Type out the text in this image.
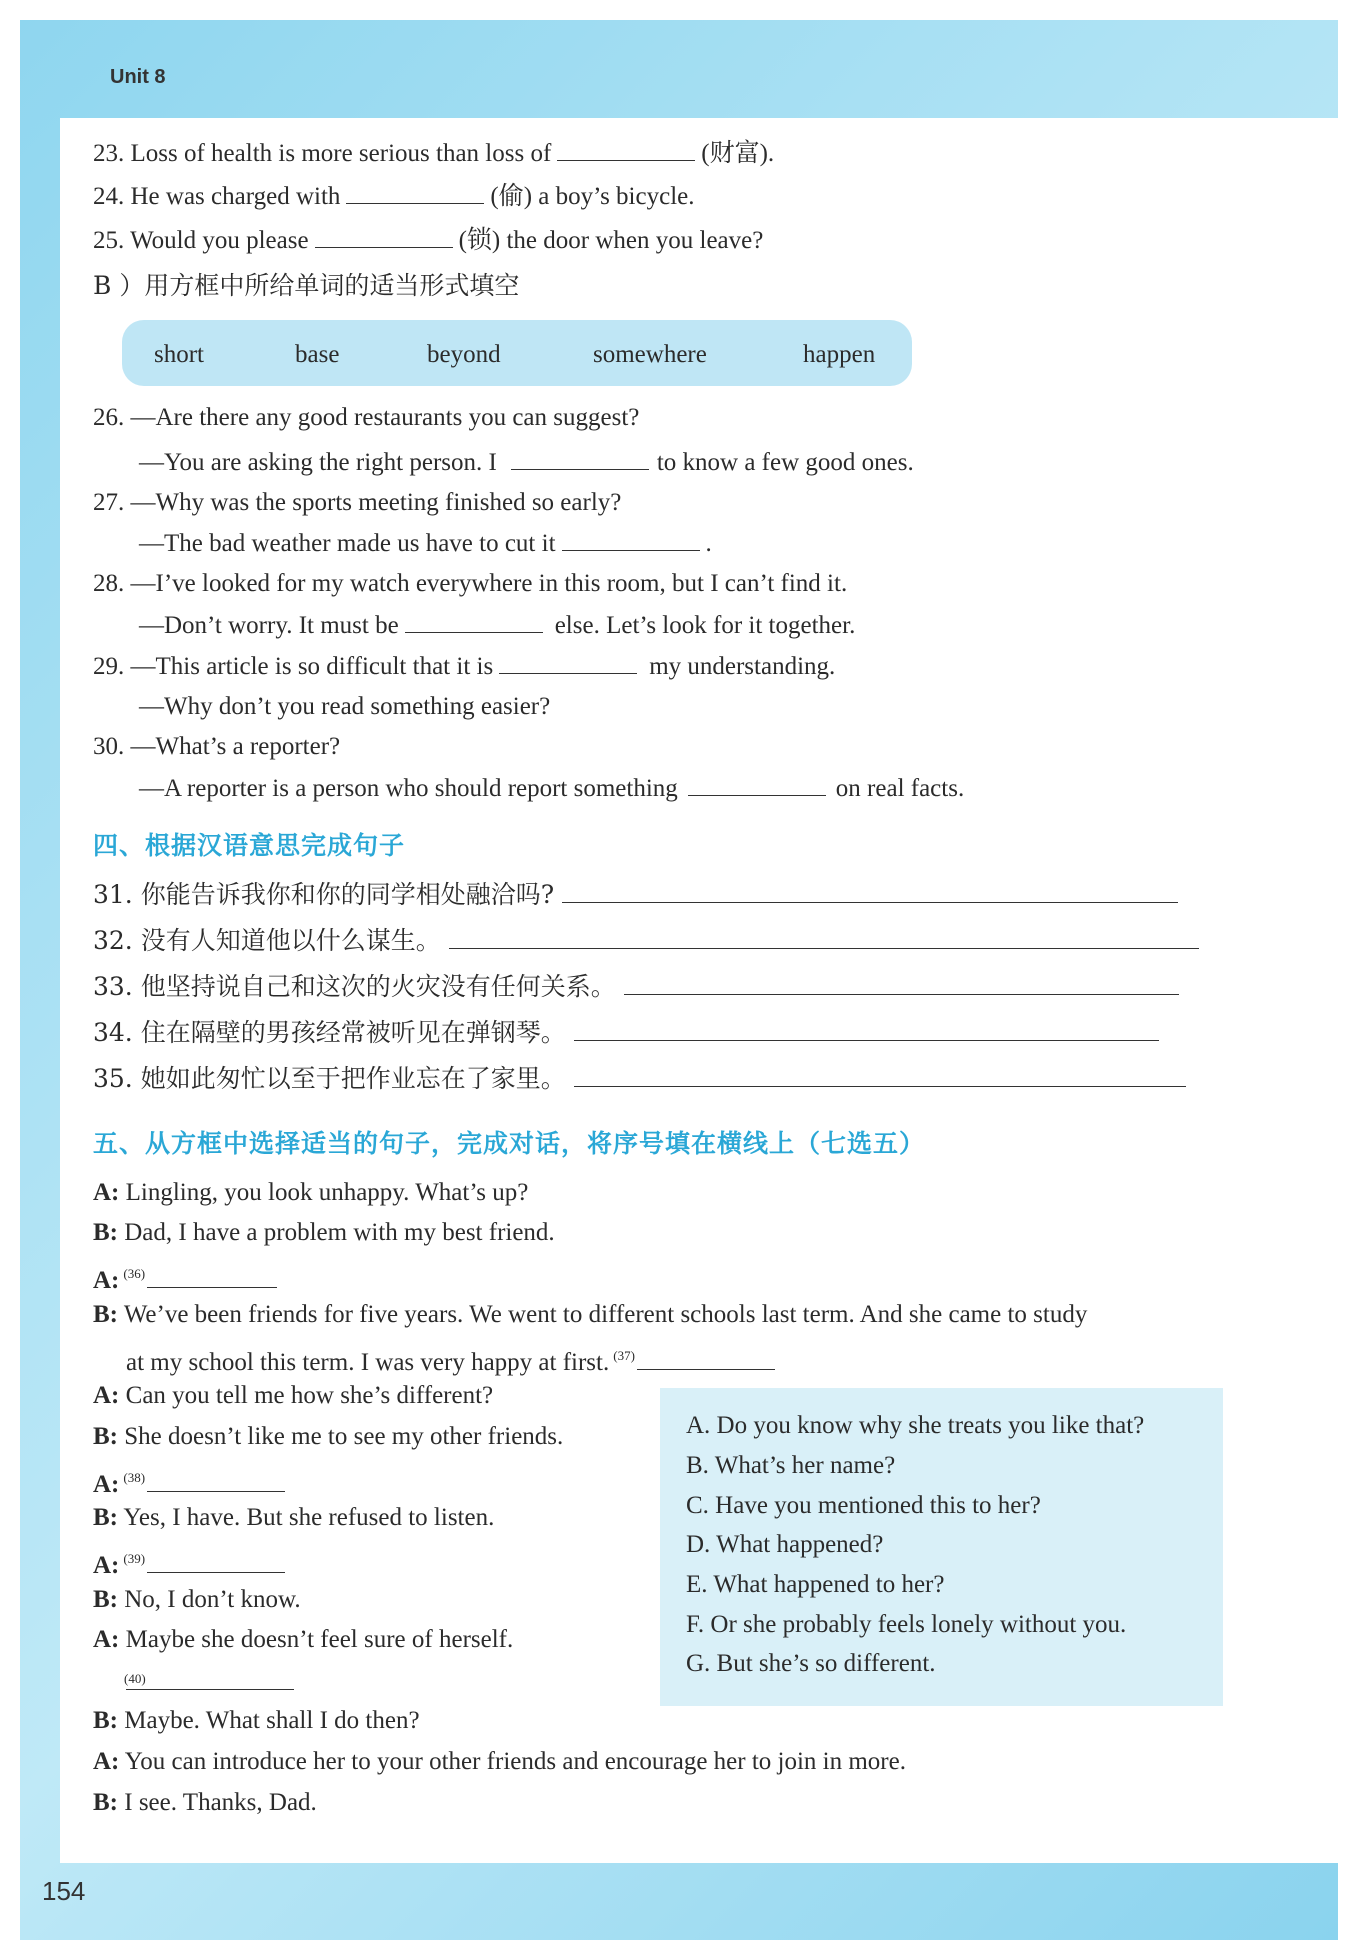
Unit 8
154
23. Loss of health is more serious than loss of	(财富).
24. He was charged with	(偷) a boy’s bicycle.
25. Would you please	(锁) the door when you leave?
B ）用方框中所给单词的适当形式填空
short	base	beyond	somewhere	happen
26. —Are there any good restaurants you can suggest?
—You are asking the right person. I	to know a few good ones.
27. —Why was the sports meeting finished so early?
—The bad weather made us have to cut it	.
28. —I’ve looked for my watch everywhere in this room, but I can’t find it.
—Don’t worry. It must be	else. Let’s look for it together.
29. —This article is so difficult that it is	my understanding.
—Why don’t you read something easier?
30. —What’s a reporter?
—A reporter is a person who should report something	on real facts.
四、根据汉语意思完成句子
31. 你能告诉我你和你的同学相处融洽吗?
32. 没有人知道他以什么谋生。
33. 他坚持说自己和这次的火灾没有任何关系。
34. 住在隔壁的男孩经常被听见在弹钢琴。
35. 她如此匆忙以至于把作业忘在了家里。
五、从方框中选择适当的句子，完成对话，将序号填在横线上（七选五）
A: Lingling, you look unhappy. What’s up?
B: Dad, I have a problem with my best friend.
A: $^{(36)}$
B: We’ve been friends for five years. We went to different schools last term. And she came to study
at my school this term. I was very happy at first. $^{(37)}$
A: Can you tell me how she’s different?
B: She doesn’t like me to see my other friends.
A: $^{(38)}$
B: Yes, I have. But she refused to listen.
A: $^{(39)}$
B: No, I don’t know.
A: Maybe she doesn’t feel sure of herself.
$^{(40)}$
B: Maybe. What shall I do then?
A: You can introduce her to your other friends and encourage her to join in more.
B: I see. Thanks, Dad.
A. Do you know why she treats you like that?
B. What’s her name?
C. Have you mentioned this to her?
D. What happened?
E. What happened to her?
F. Or she probably feels lonely without you.
G. But she’s so different.
